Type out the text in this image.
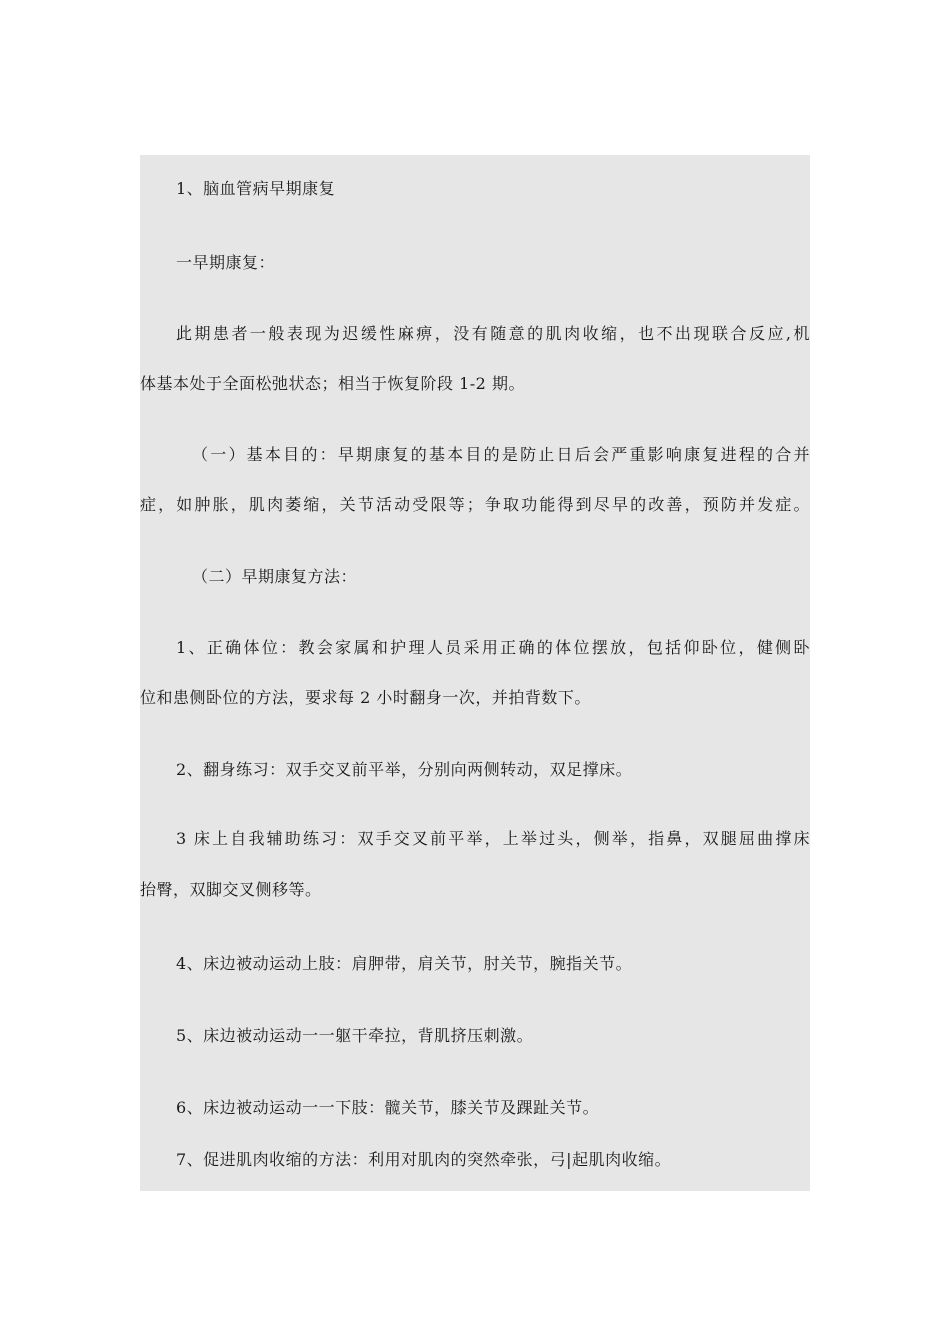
1、脑血管病早期康复
一早期康复：
此期患者一般表现为迟缓性麻痹，没有随意的肌肉收缩，也不出现联合反应,机
体基本处于全面松弛状态；相当于恢复阶段 1-2 期。
（一）基本目的：早期康复的基本目的是防止日后会严重影响康复进程的合并
症，如肿胀，肌肉萎缩，关节活动受限等；争取功能得到尽早的改善，预防并发症。
（二）早期康复方法：
1、正确体位：教会家属和护理人员采用正确的体位摆放，包括仰卧位，健侧卧
位和患侧卧位的方法，要求每 2 小时翻身一次，并拍背数下。
2、翻身练习：双手交叉前平举，分别向两侧转动，双足撑床。
3 床上自我辅助练习：双手交叉前平举，上举过头，侧举，指鼻，双腿屈曲撑床
抬臀，双脚交叉侧移等。
4、床边被动运动上肢：肩胛带，肩关节，肘关节，腕指关节。
5、床边被动运动一一躯干牵拉，背肌挤压刺激。
6、床边被动运动一一下肢：髋关节，膝关节及踝趾关节。
7、促进肌肉收缩的方法：利用对肌肉的突然牵张，弓|起肌肉收缩。
